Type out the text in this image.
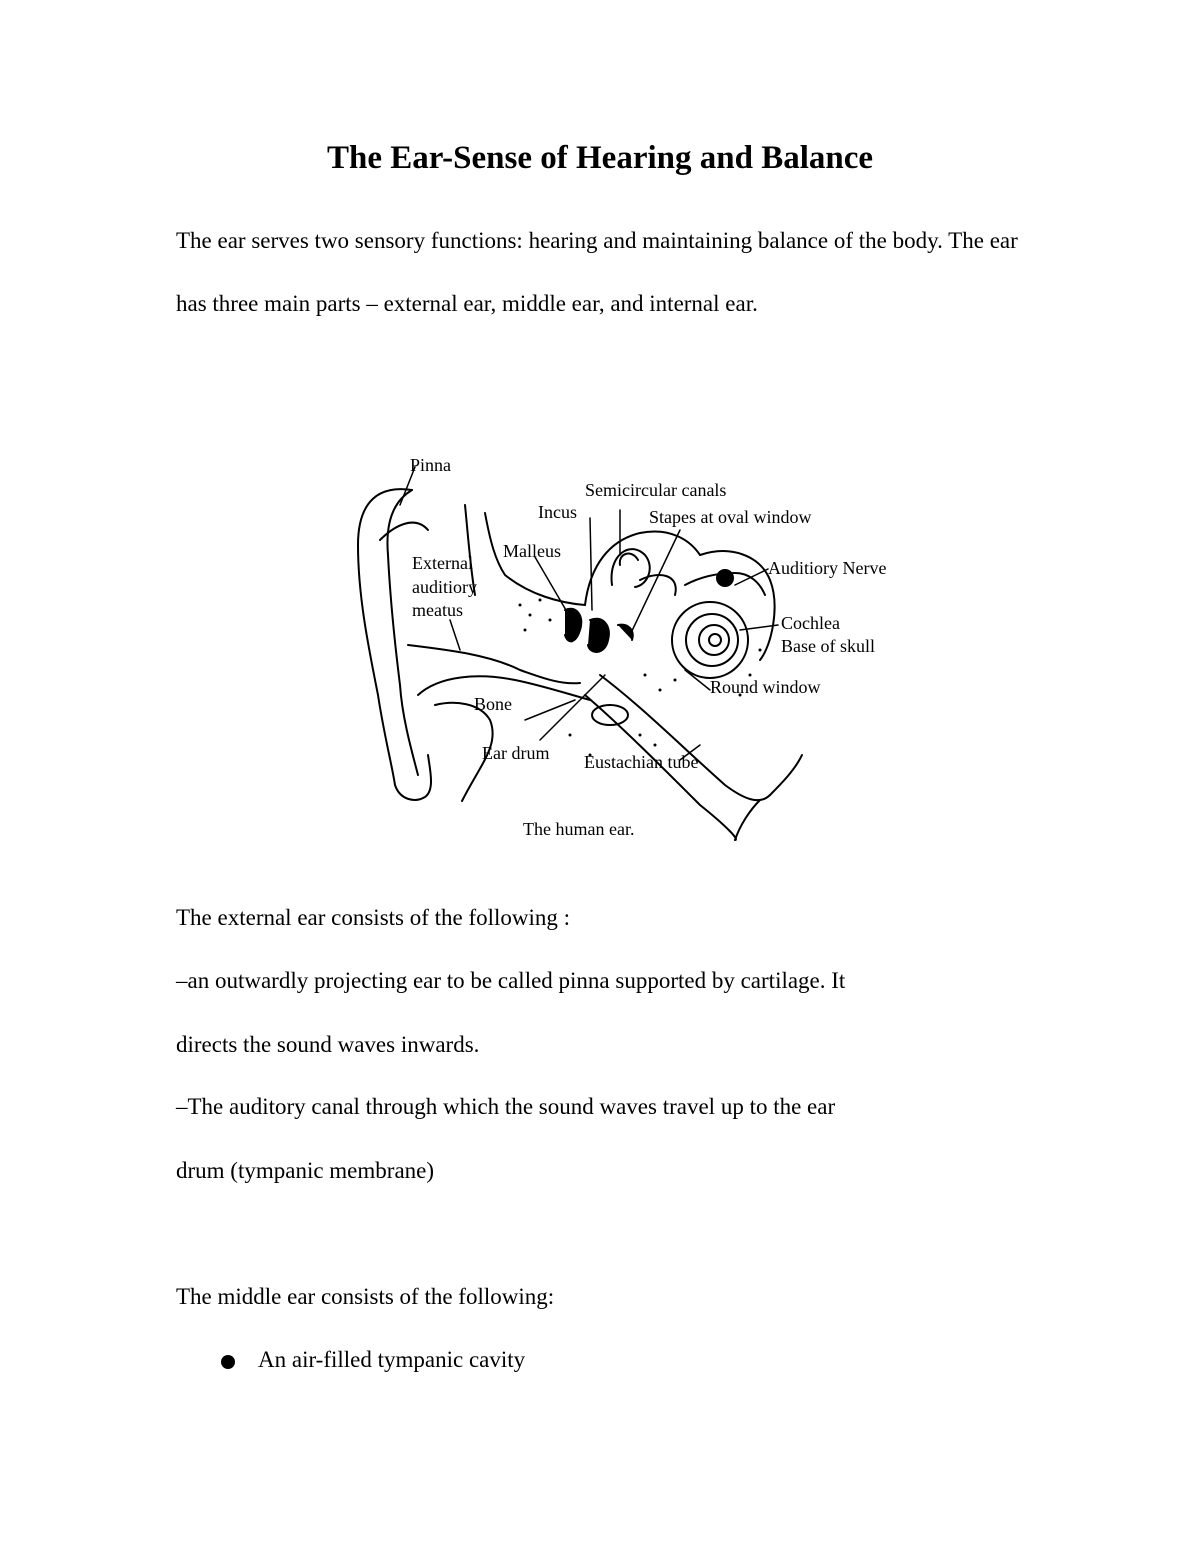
The Ear-Sense of Hearing and Balance

The ear serves two sensory functions: hearing and maintaining balance of the body. The ear has three main parts – external ear, middle ear, and internal ear.

Pinna
Semicircular canals
Incus	Stapes at oval window
Malleus
External
auditiory
meatus
Auditiory Nerve
Cochlea
Base of skull
Round window
Bone
Ear drum Eustachian tube
The human ear.

The external ear consists of the following :

–an outwardly projecting ear to be called pinna supported by cartilage. It

directs the sound waves inwards.

–The auditory canal through which the sound waves travel up to the ear

drum (tympanic membrane)

The middle ear consists of the following:

An air-filled tympanic cavity
